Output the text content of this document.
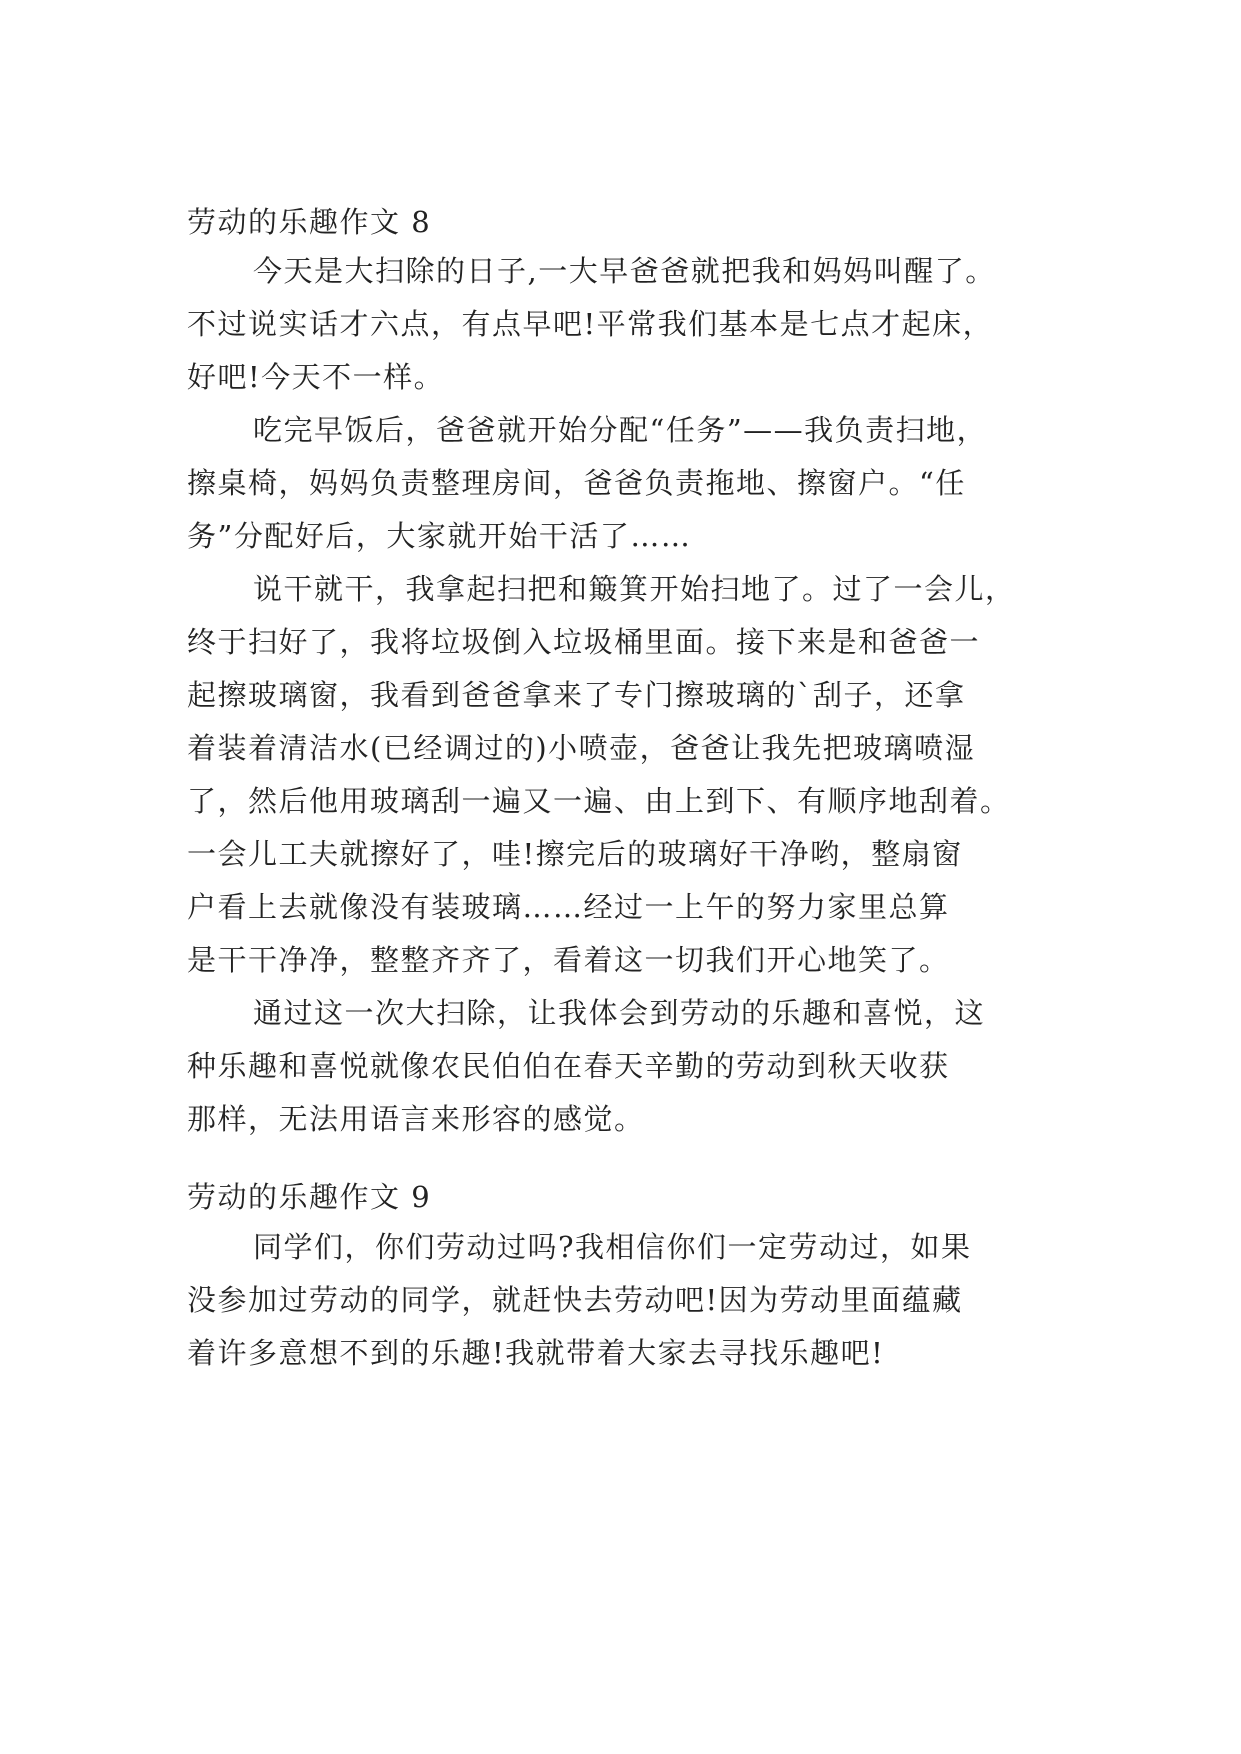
劳动的乐趣作文 8
今天是大扫除的日子,一大早爸爸就把我和妈妈叫醒了。
不过说实话才六点，有点早吧!平常我们基本是七点才起床，
好吧!今天不一样。
吃完早饭后，爸爸就开始分配“任务”——我负责扫地，
擦桌椅，妈妈负责整理房间，爸爸负责拖地、擦窗户。“任
务”分配好后，大家就开始干活了……
说干就干，我拿起扫把和簸箕开始扫地了。过了一会儿，
终于扫好了，我将垃圾倒入垃圾桶里面。接下来是和爸爸一
起擦玻璃窗，我看到爸爸拿来了专门擦玻璃的`刮子，还拿
着装着清洁水(已经调过的)小喷壶，爸爸让我先把玻璃喷湿
了，然后他用玻璃刮一遍又一遍、由上到下、有顺序地刮着。
一会儿工夫就擦好了，哇!擦完后的玻璃好干净哟，整扇窗
户看上去就像没有装玻璃……经过一上午的努力家里总算
是干干净净，整整齐齐了，看着这一切我们开心地笑了。
通过这一次大扫除，让我体会到劳动的乐趣和喜悦，这
种乐趣和喜悦就像农民伯伯在春天辛勤的劳动到秋天收获
那样，无法用语言来形容的感觉。
劳动的乐趣作文 9
同学们，你们劳动过吗?我相信你们一定劳动过，如果
没参加过劳动的同学，就赶快去劳动吧!因为劳动里面蕴藏
着许多意想不到的乐趣!我就带着大家去寻找乐趣吧!
